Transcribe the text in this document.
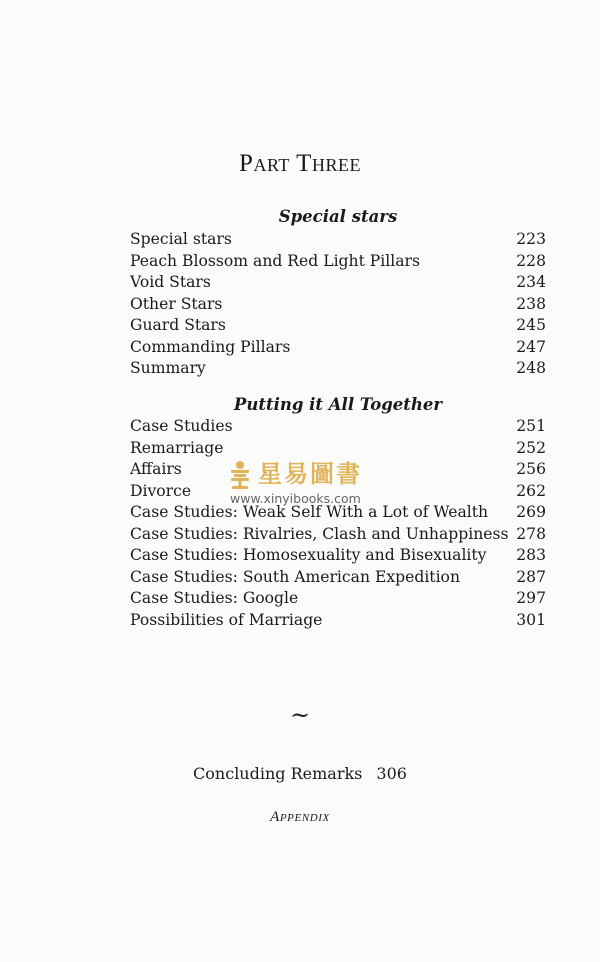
Part Three
Special stars
Special stars	223
Peach Blossom and Red Light Pillars	228
Void Stars	234
Other Stars	238
Guard Stars	245
Commanding Pillars	247
Summary	248
Putting it All Together
Case Studies	251
Remarriage	252
Affairs	256
Divorce	262
Case Studies: Weak Self With a Lot of Wealth	269
Case Studies: Rivalries, Clash and Unhappiness 278
Case Studies: Homosexuality and Bisexuality	283
Case Studies: South American Expedition	287
Case Studies: Google	297
Possibilities of Marriage	301
星易圖書
www.xinyibooks.com
~
Concluding Remarks 306
Appendix
